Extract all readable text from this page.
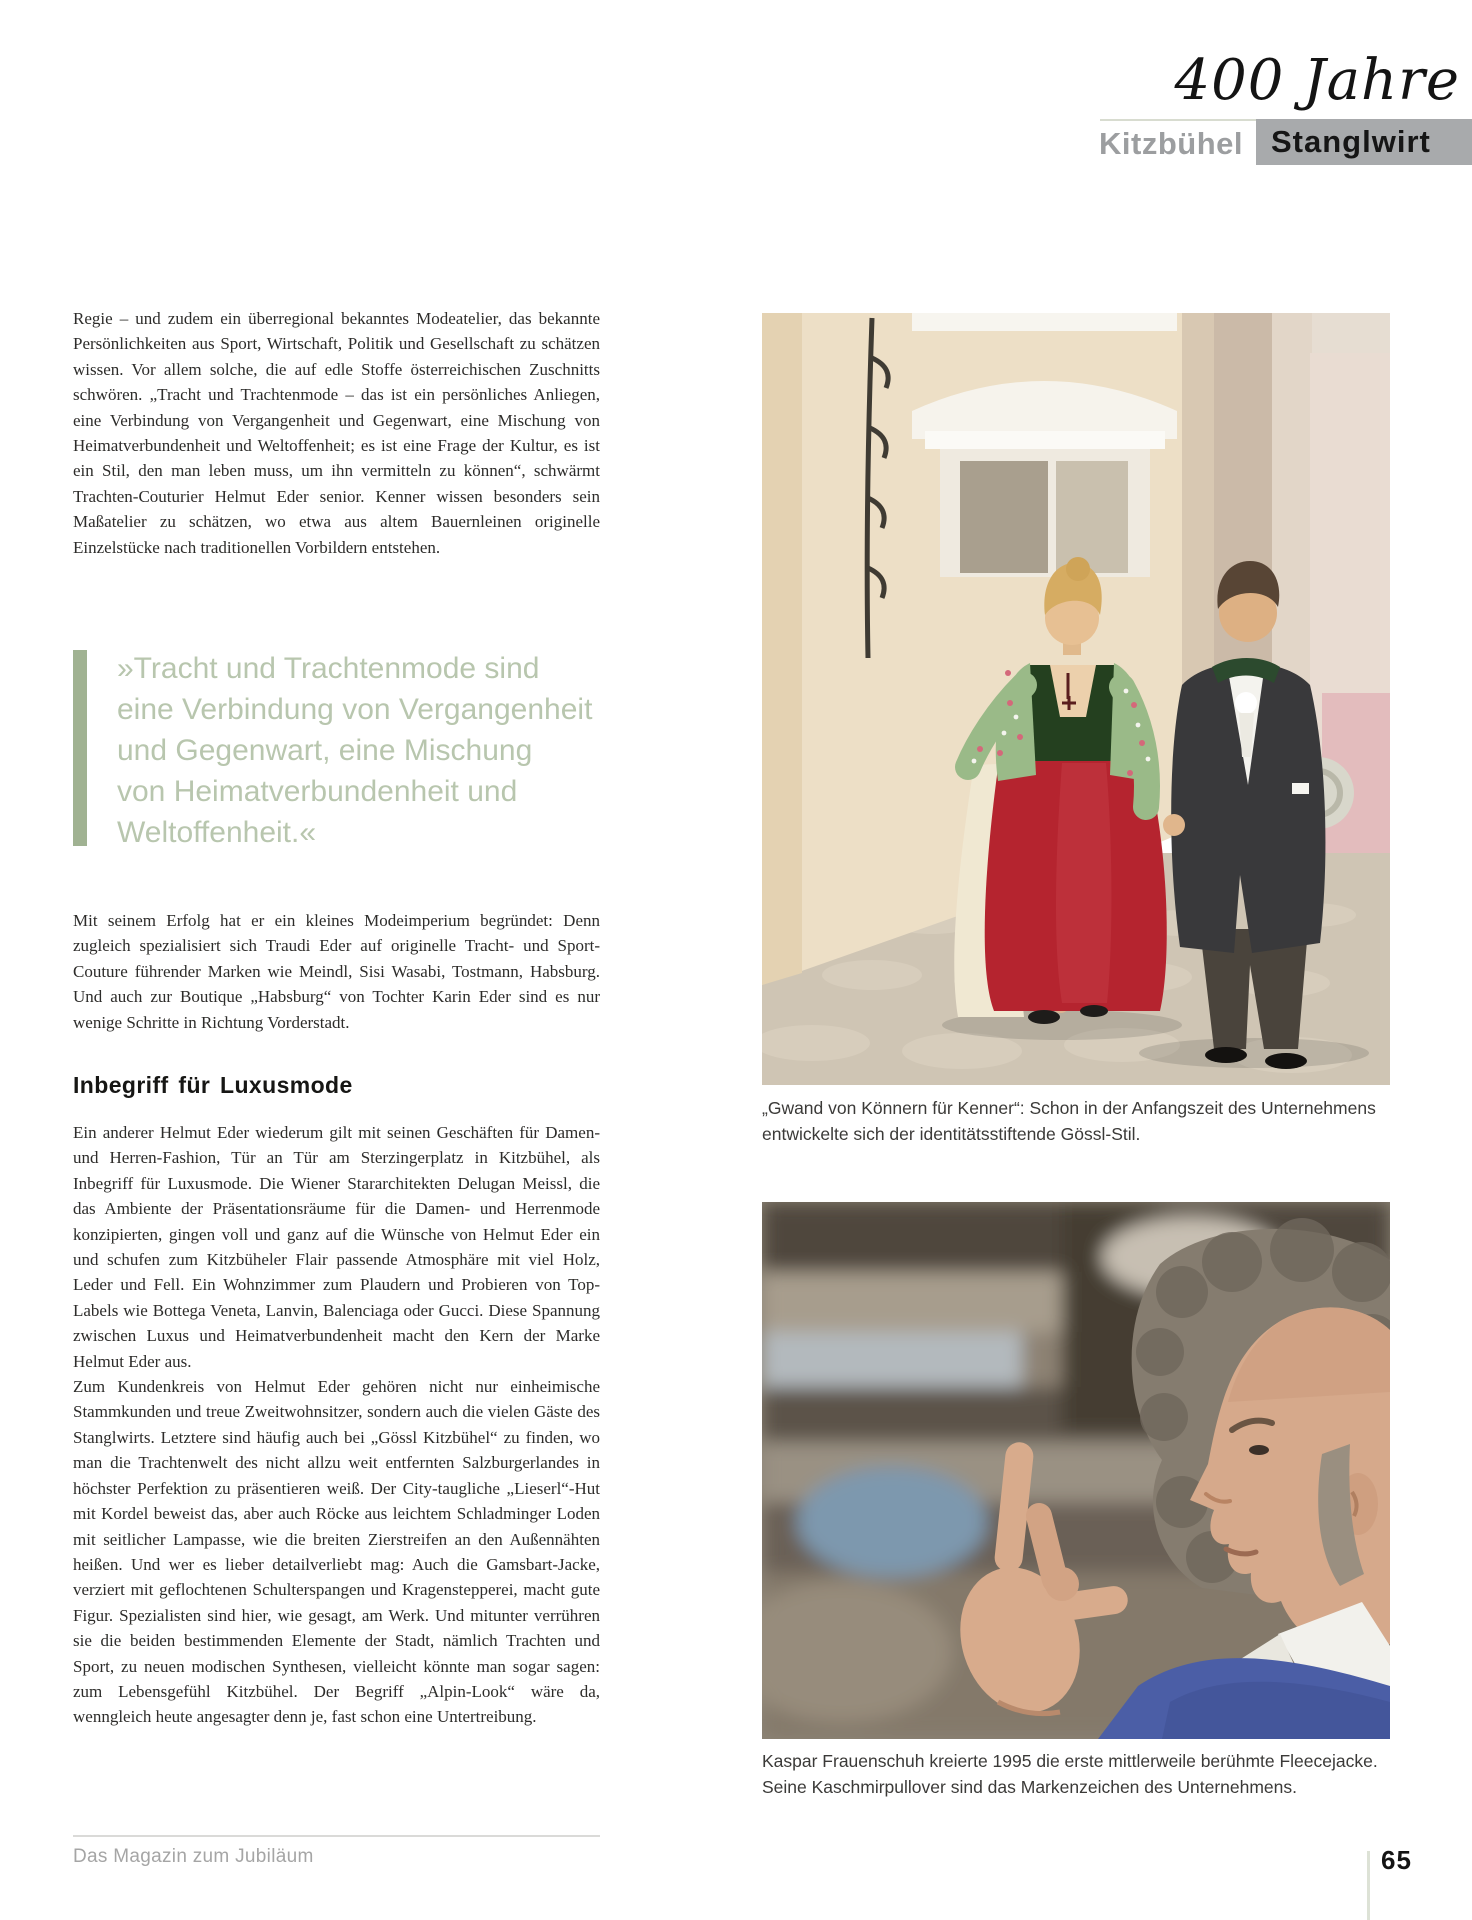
Kitzbühel
400 Jahre
Stanglwirt
Regie – und zudem ein überregional bekanntes Modeatelier, das bekannte Persönlichkeiten aus Sport, Wirtschaft, Politik und Gesellschaft zu schätzen wissen. Vor allem solche, die auf edle Stoffe österreichischen Zuschnitts schwören. „Tracht und Trachtenmode – das ist ein persönliches Anliegen, eine Verbindung von Vergangenheit und Gegenwart, eine Mischung von Heimatverbundenheit und Weltoffenheit; es ist eine Frage der Kultur, es ist ein Stil, den man leben muss, um ihn vermitteln zu können“, schwärmt Trachten-Couturier Helmut Eder senior. Kenner wissen besonders sein Maßatelier zu schätzen, wo etwa aus altem Bauernleinen originelle Einzelstücke nach traditionellen Vorbildern entstehen.
»Tracht und Trachtenmode sind
eine Verbindung von Vergangenheit
und Gegenwart, eine Mischung
von Heimatverbundenheit und
Weltoffenheit.«
Mit seinem Erfolg hat er ein kleines Modeimperium begründet: Denn zugleich spezialisiert sich Traudi Eder auf originelle Tracht- und Sport-Couture führender Marken wie Meindl, Sisi Wasabi, Tostmann, Habsburg. Und auch zur Boutique „Habsburg“ von Tochter Karin Eder sind es nur wenige Schritte in Richtung Vorderstadt.
Inbegriff für Luxusmode
Ein anderer Helmut Eder wiederum gilt mit seinen Geschäften für Damen- und Herren-Fashion, Tür an Tür am Sterzingerplatz in Kitzbühel, als Inbegriff für Luxusmode. Die Wiener Stararchitekten Delugan Meissl, die das Ambiente der Präsentationsräume für die Damen- und Herrenmode konzipierten, gingen voll und ganz auf die Wünsche von Helmut Eder ein und schufen zum Kitzbüheler Flair passende Atmosphäre mit viel Holz, Leder und Fell. Ein Wohnzimmer zum Plaudern und Probieren von Top-Labels wie Bottega Veneta, Lanvin, Balenciaga oder Gucci. Diese Spannung zwischen Luxus und Heimatverbundenheit macht den Kern der Marke Helmut Eder aus.
Zum Kundenkreis von Helmut Eder gehören nicht nur einheimische Stammkunden und treue Zweitwohnsitzer, sondern auch die vielen Gäste des Stanglwirts. Letztere sind häufig auch bei „Gössl Kitzbühel“ zu finden, wo man die Trachtenwelt des nicht allzu weit entfernten Salzburgerlandes in höchster Perfektion zu präsentieren weiß. Der City-taugliche „Lieserl“-Hut mit Kordel beweist das, aber auch Röcke aus leichtem Schladminger Loden mit seitlicher Lampasse, wie die breiten Zierstreifen an den Außennähten heißen. Und wer es lieber detailverliebt mag: Auch die Gamsbart-Jacke, verziert mit geflochtenen Schulterspangen und Kragenstepperei, macht gute Figur. Spezialisten sind hier, wie gesagt, am Werk. Und mitunter verrühren sie die beiden bestimmenden Elemente der Stadt, nämlich Trachten und Sport, zu neuen modischen Synthesen, vielleicht könnte man sogar sagen: zum Lebensgefühl Kitzbühel. Der Begriff „Alpin-Look“ wäre da, wenngleich heute angesagter denn je, fast schon eine Untertreibung.
„Gwand von Könnern für Kenner“: Schon in der Anfangszeit des Unternehmens entwickelte sich der identitätsstiftende Gössl-Stil.
Kaspar Frauenschuh kreierte 1995 die erste mittlerweile berühmte Fleecejacke. Seine Kaschmirpullover sind das Markenzeichen des Unternehmens.
Das Magazin zum Jubiläum	65
